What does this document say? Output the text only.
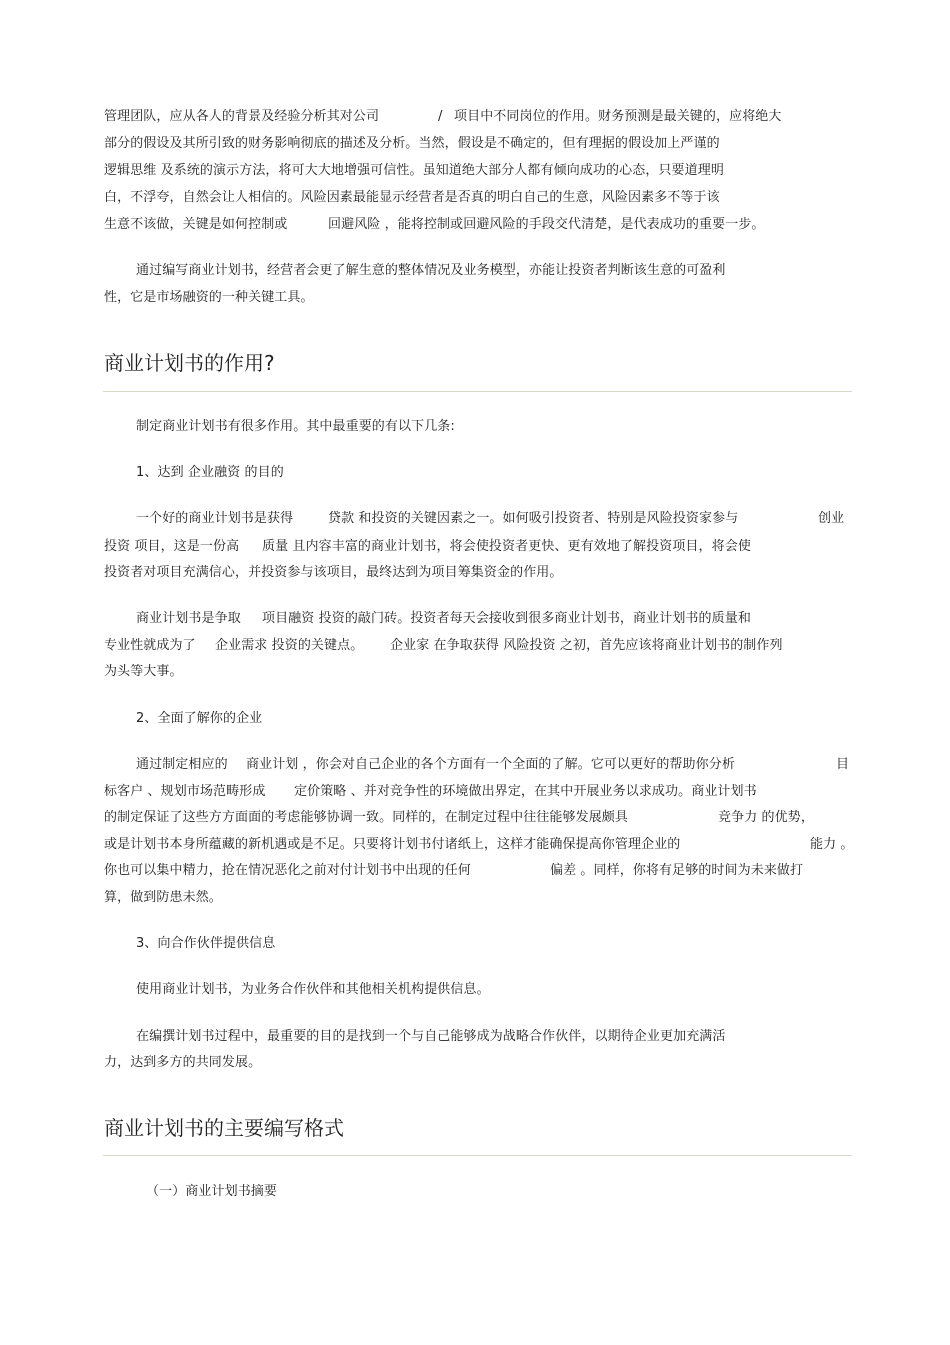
管理团队，应从各人的背景及经验分析其对公司	/ 项目中不同岗位的作用。财务预测是最关键的，应将绝大
部分的假设及其所引致的财务影响彻底的描述及分析。当然，假设是不确定的，但有理据的假设加上严谨的
逻辑思维 及系统的演示方法，将可大大地增强可信性。虽知道绝大部分人都有倾向成功的心态，只要道理明
白，不浮夸，自然会让人相信的。风险因素最能显示经营者是否真的明白自己的生意，风险因素多不等于该
生意不该做，关键是如何控制或	回避风险 ，能将控制或回避风险的手段交代清楚，是代表成功的重要一步。
通过编写商业计划书，经营者会更了解生意的整体情况及业务模型，亦能让投资者判断该生意的可盈利
性，它是市场融资的一种关键工具。
商业计划书的作用?
制定商业计划书有很多作用。其中最重要的有以下几条:
1、达到 企业融资 的目的
一个好的商业计划书是获得	贷款 和投资的关键因素之一。如何吸引投资者、特别是风险投资家参与	创业
投资 项目，这是一份高 质量 且内容丰富的商业计划书，将会使投资者更快、更有效地了解投资项目，将会使
投资者对项目充满信心，并投资参与该项目，最终达到为项目筹集资金的作用。
商业计划书是争取 项目融资 投资的敲门砖。投资者每天会接收到很多商业计划书，商业计划书的质量和
专业性就成为了 企业需求 投资的关键点。 企业家 在争取获得 风险投资 之初，首先应该将商业计划书的制作列
为头等大事。
2、全面了解你的企业
通过制定相应的 商业计划 ，你会对自己企业的各个方面有一个全面的了解。它可以更好的帮助你分析	目
标客户 、规划市场范畴形成 定价策略 、并对竞争性的环境做出界定，在其中开展业务以求成功。商业计划书
的制定保证了这些方方面面的考虑能够协调一致。同样的，在制定过程中往往能够发展颇具	竞争力 的优势，
或是计划书本身所蕴藏的新机遇或是不足。只要将计划书付诸纸上，这样才能确保提高你管理企业的	能力 。
你也可以集中精力，抢在情况恶化之前对付计划书中出现的任何	偏差 。同样，你将有足够的时间为未来做打
算，做到防患未然。
3、向合作伙伴提供信息
使用商业计划书，为业务合作伙伴和其他相关机构提供信息。
在编撰计划书过程中，最重要的目的是找到一个与自己能够成为战略合作伙伴，以期待企业更加充满活
力，达到多方的共同发展。
商业计划书的主要编写格式
（一）商业计划书摘要
